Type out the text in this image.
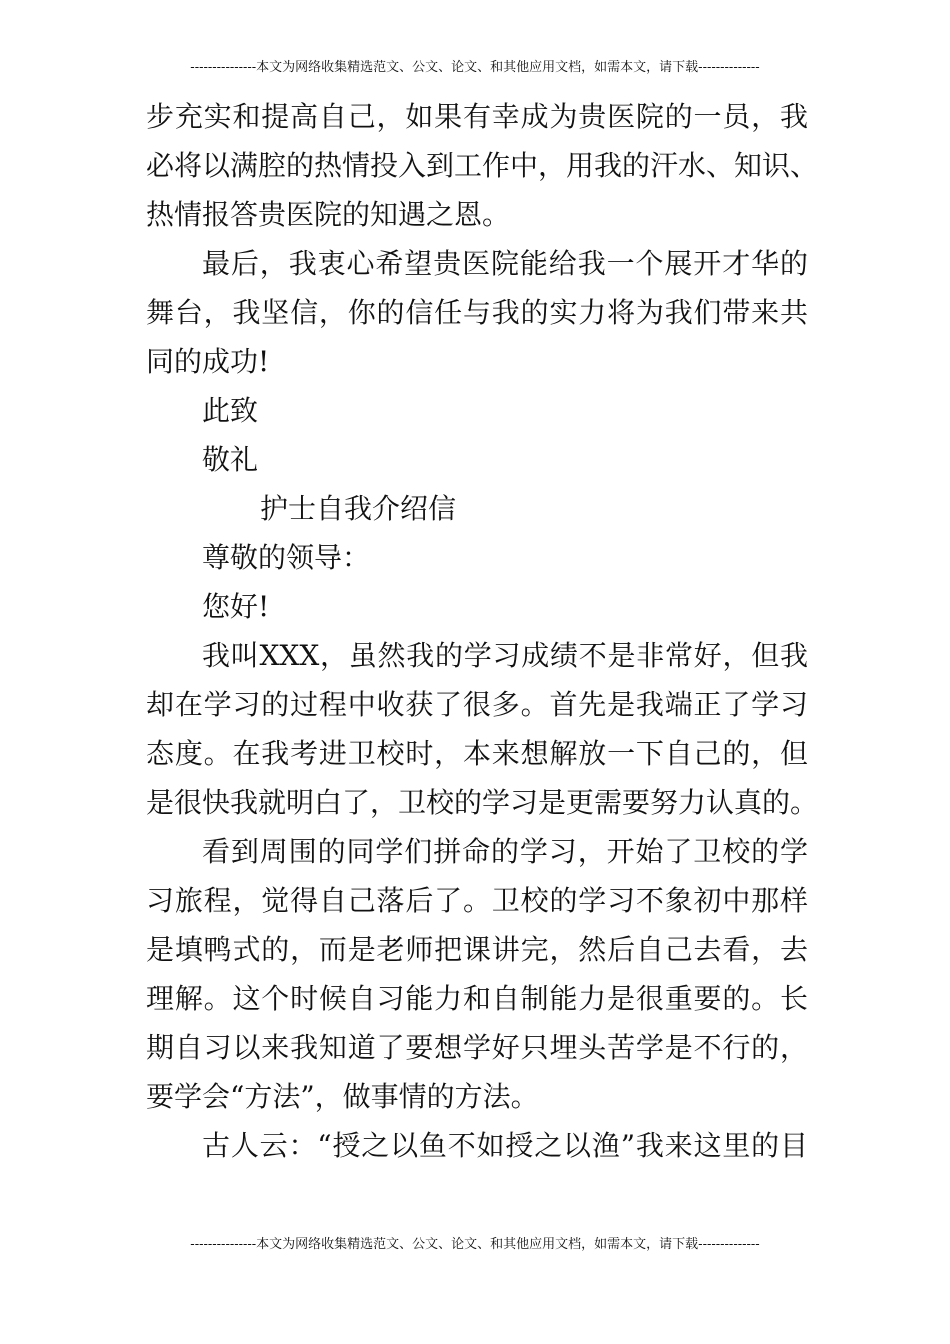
---------------本文为网络收集精选范文、公文、论文、和其他应用文档，如需本文，请下载--------------
步充实和提高自己，如果有幸成为贵医院的一员，我
必将以满腔的热情投入到工作中，用我的汗水、知识、
热情报答贵医院的知遇之恩。
最后，我衷心希望贵医院能给我一个展开才华的
舞台，我坚信，你的信任与我的实力将为我们带来共
同的成功!
此致
敬礼
护士自我介绍信
尊敬的领导：
您好!
我叫XXX，虽然我的学习成绩不是非常好，但我
却在学习的过程中收获了很多。首先是我端正了学习
态度。在我考进卫校时，本来想解放一下自己的，但
是很快我就明白了，卫校的学习是更需要努力认真的。
看到周围的同学们拼命的学习，开始了卫校的学
习旅程，觉得自己落后了。卫校的学习不象初中那样
是填鸭式的，而是老师把课讲完，然后自己去看，去
理解。这个时候自习能力和自制能力是很重要的。长
期自习以来我知道了要想学好只埋头苦学是不行的，
要学会“方法”，做事情的方法。
古人云：“授之以鱼不如授之以渔”我来这里的目
---------------本文为网络收集精选范文、公文、论文、和其他应用文档，如需本文，请下载--------------
